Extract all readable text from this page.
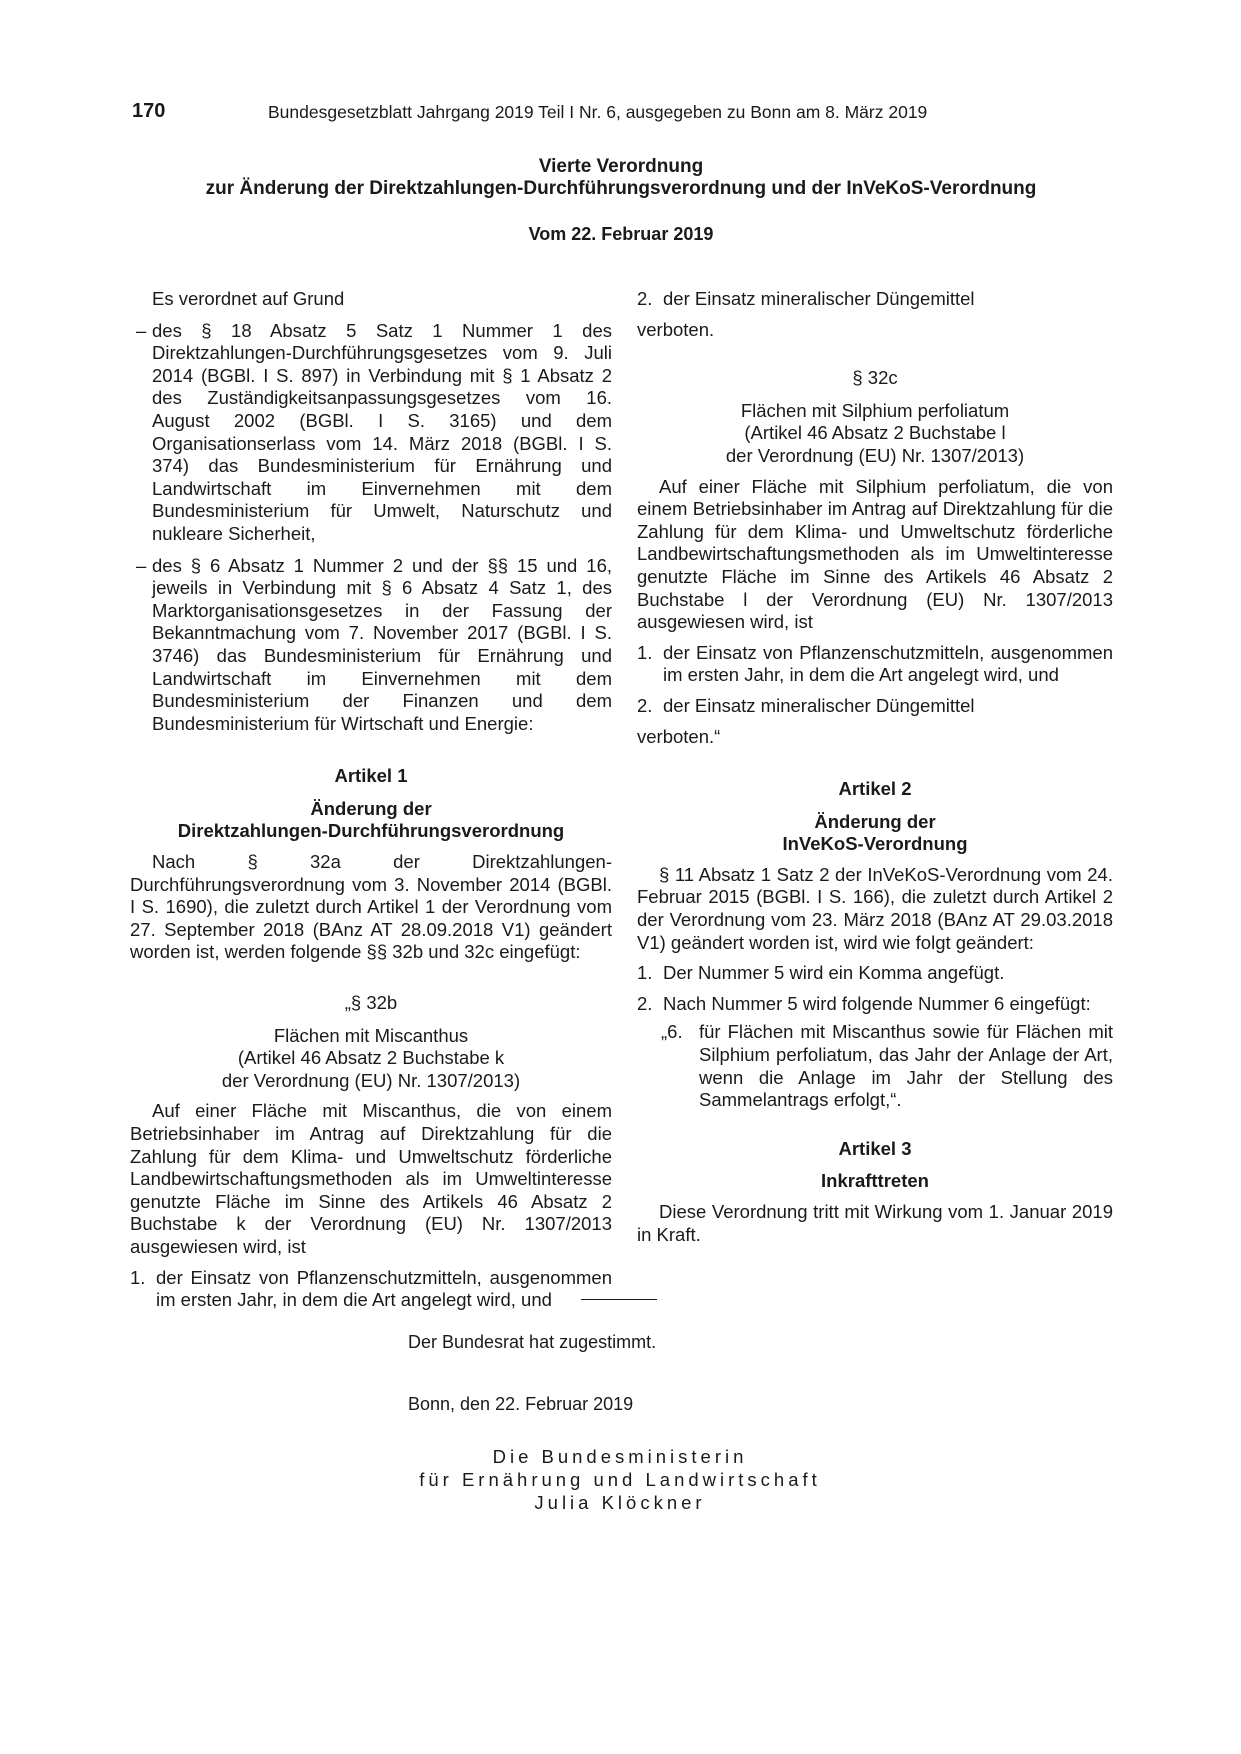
170	Bundesgesetzblatt Jahrgang 2019 Teil I Nr. 6, ausgegeben zu Bonn am 8. März 2019
Vierte Verordnung
zur Änderung der Direktzahlungen-Durchführungsverordnung und der InVeKoS-Verordnung
Vom 22. Februar 2019

Es verordnet auf Grund

– des § 18 Absatz 5 Satz 1 Nummer 1 des Direktzahlungen-Durchführungsgesetzes vom 9. Juli 2014 (BGBl. I S. 897) in Verbindung mit § 1 Absatz 2 des Zuständigkeitsanpassungsgesetzes vom 16. August 2002 (BGBl. I S. 3165) und dem Organisationserlass vom 14. März 2018 (BGBl. I S. 374) das Bundesministerium für Ernährung und Landwirtschaft im Einvernehmen mit dem Bundesministerium für Umwelt, Naturschutz und nukleare Sicherheit,
– des § 6 Absatz 1 Nummer 2 und der §§ 15 und 16, jeweils in Verbindung mit § 6 Absatz 4 Satz 1, des Marktorganisationsgesetzes in der Fassung der Bekanntmachung vom 7. November 2017 (BGBl. I S. 3746) das Bundesministerium für Ernährung und Landwirtschaft im Einvernehmen mit dem Bundesministerium der Finanzen und dem Bundesministerium für Wirtschaft und Energie:

Artikel 1

Änderung der

Direktzahlungen-Durchführungsverordnung

Nach § 32a der Direktzahlungen-Durchführungsverordnung vom 3. November 2014 (BGBl. I S. 1690), die zuletzt durch Artikel 1 der Verordnung vom 27. September 2018 (BAnz AT 28.09.2018 V1) geändert worden ist, werden folgende §§ 32b und 32c eingefügt:

„§ 32b

Flächen mit Miscanthus

(Artikel 46 Absatz 2 Buchstabe k

der Verordnung (EU) Nr. 1307/2013)

Auf einer Fläche mit Miscanthus, die von einem Betriebsinhaber im Antrag auf Direktzahlung für die Zahlung für dem Klima- und Umweltschutz förderliche Landbewirtschaftungsmethoden als im Umweltinteresse genutzte Fläche im Sinne des Artikels 46 Absatz 2 Buchstabe k der Verordnung (EU) Nr. 1307/2013 ausgewiesen wird, ist

1. der Einsatz von Pflanzenschutzmitteln, ausgenommen im ersten Jahr, in dem die Art angelegt wird, und
2. der Einsatz mineralischer Düngemittel

verboten.

§ 32c

Flächen mit Silphium perfoliatum

(Artikel 46 Absatz 2 Buchstabe l

der Verordnung (EU) Nr. 1307/2013)

Auf einer Fläche mit Silphium perfoliatum, die von einem Betriebsinhaber im Antrag auf Direktzahlung für die Zahlung für dem Klima- und Umweltschutz förderliche Landbewirtschaftungsmethoden als im Umweltinteresse genutzte Fläche im Sinne des Artikels 46 Absatz 2 Buchstabe l der Verordnung (EU) Nr. 1307/2013 ausgewiesen wird, ist

1. der Einsatz von Pflanzenschutzmitteln, ausgenommen im ersten Jahr, in dem die Art angelegt wird, und
2. der Einsatz mineralischer Düngemittel

verboten.“

Artikel 2

Änderung der

InVeKoS-Verordnung

§ 11 Absatz 1 Satz 2 der InVeKoS-Verordnung vom 24. Februar 2015 (BGBl. I S. 166), die zuletzt durch Artikel 2 der Verordnung vom 23. März 2018 (BAnz AT 29.03.2018 V1) geändert worden ist, wird wie folgt geändert:

1. Der Nummer 5 wird ein Komma angefügt.
2. Nach Nummer 5 wird folgende Nummer 6 eingefügt:
„6. für Flächen mit Miscanthus sowie für Flächen mit Silphium perfoliatum, das Jahr der Anlage der Art, wenn die Anlage im Jahr der Stellung des Sammelantrags erfolgt,“.

Artikel 3

Inkrafttreten

Diese Verordnung tritt mit Wirkung vom 1. Januar 2019 in Kraft.

Der Bundesrat hat zugestimmt.
Bonn, den 22. Februar 2019
Die Bundesministerin
für Ernährung und Landwirtschaft
Julia Klöckner
